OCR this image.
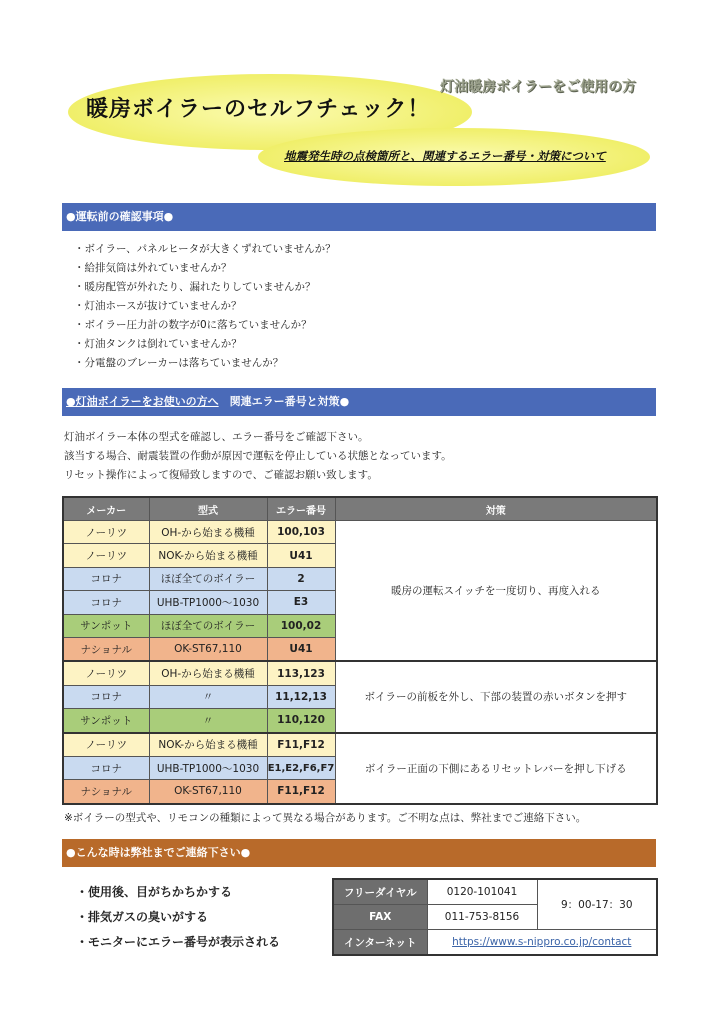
灯油暖房ボイラーをご使用の方
暖房ボイラーのセルフチェック！
地震発生時の点検箇所と、関連するエラー番号・対策について
●運転前の確認事項●
・ボイラー、パネルヒータが大きくずれていませんか？
・給排気筒は外れていませんか？
・暖房配管が外れたり、漏れたりしていませんか？
・灯油ホースが抜けていませんか？
・ボイラー圧力計の数字が0に落ちていませんか？
・灯油タンクは倒れていませんか？
・分電盤のブレーカーは落ちていませんか？
●灯油ボイラーをお使いの方へ　関連エラー番号と対策●
灯油ボイラー本体の型式を確認し、エラー番号をご確認下さい。
該当する場合、耐震装置の作動が原因で運転を停止している状態となっています。
リセット操作によって復帰致しますので、ご確認お願い致します。
メーカー	型式	エラー番号	対策
ノーリツ	OH-から始まる機種	100,103	暖房の運転スイッチを一度切り、再度入れる
ノーリツ	NOK-から始まる機種	U41	
コロナ	ほぼ全てのボイラー	2	
コロナ	UHB-TP1000～1030	E3	
サンポット	ほぼ全てのボイラー	100,02	
ナショナル	OK-ST67,110	U41	
ノーリツ	OH-から始まる機種	113,123	ボイラーの前板を外し、下部の装置の赤いボタンを押す
コロナ	〃	11,12,13	
サンポット	〃	110,120	
ノーリツ	NOK-から始まる機種	F11,F12	ボイラー正面の下側にあるリセットレバーを押し下げる
コロナ	UHB-TP1000～1030	E1,E2,F6,F7	
ナショナル	OK-ST67,110	F11,F12	
※ボイラーの型式や、リモコンの種類によって異なる場合があります。ご不明な点は、弊社までご連絡下さい。
●こんな時は弊社までご連絡下さい●
・使用後、目がちかちかする
・排気ガスの臭いがする
・モニターにエラー番号が表示される
フリーダイヤル	0120-101041	9：00-17：30
FAX	011-753-8156	
インターネット	https://www.s-nippro.co.jp/contact	
